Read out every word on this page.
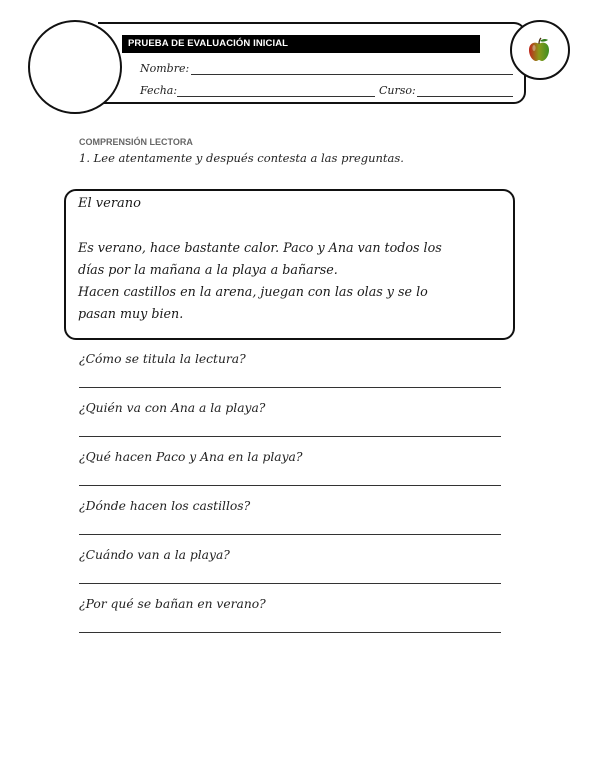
PRUEBA DE EVALUACIÓN INICIAL
Nombre:
Fecha:	Curso:
COMPRENSIÓN LECTORA
1. Lee atentamente y después contesta a las preguntas.
El verano
Es verano, hace bastante calor. Paco y Ana van todos los
días por la mañana a la playa a bañarse.
Hacen castillos en la arena, juegan con las olas y se lo
pasan muy bien.
¿Cómo se titula la lectura?
¿Quién va con Ana a la playa?
¿Qué hacen Paco y Ana en la playa?
¿Dónde hacen los castillos?
¿Cuándo van a la playa?
¿Por qué se bañan en verano?
